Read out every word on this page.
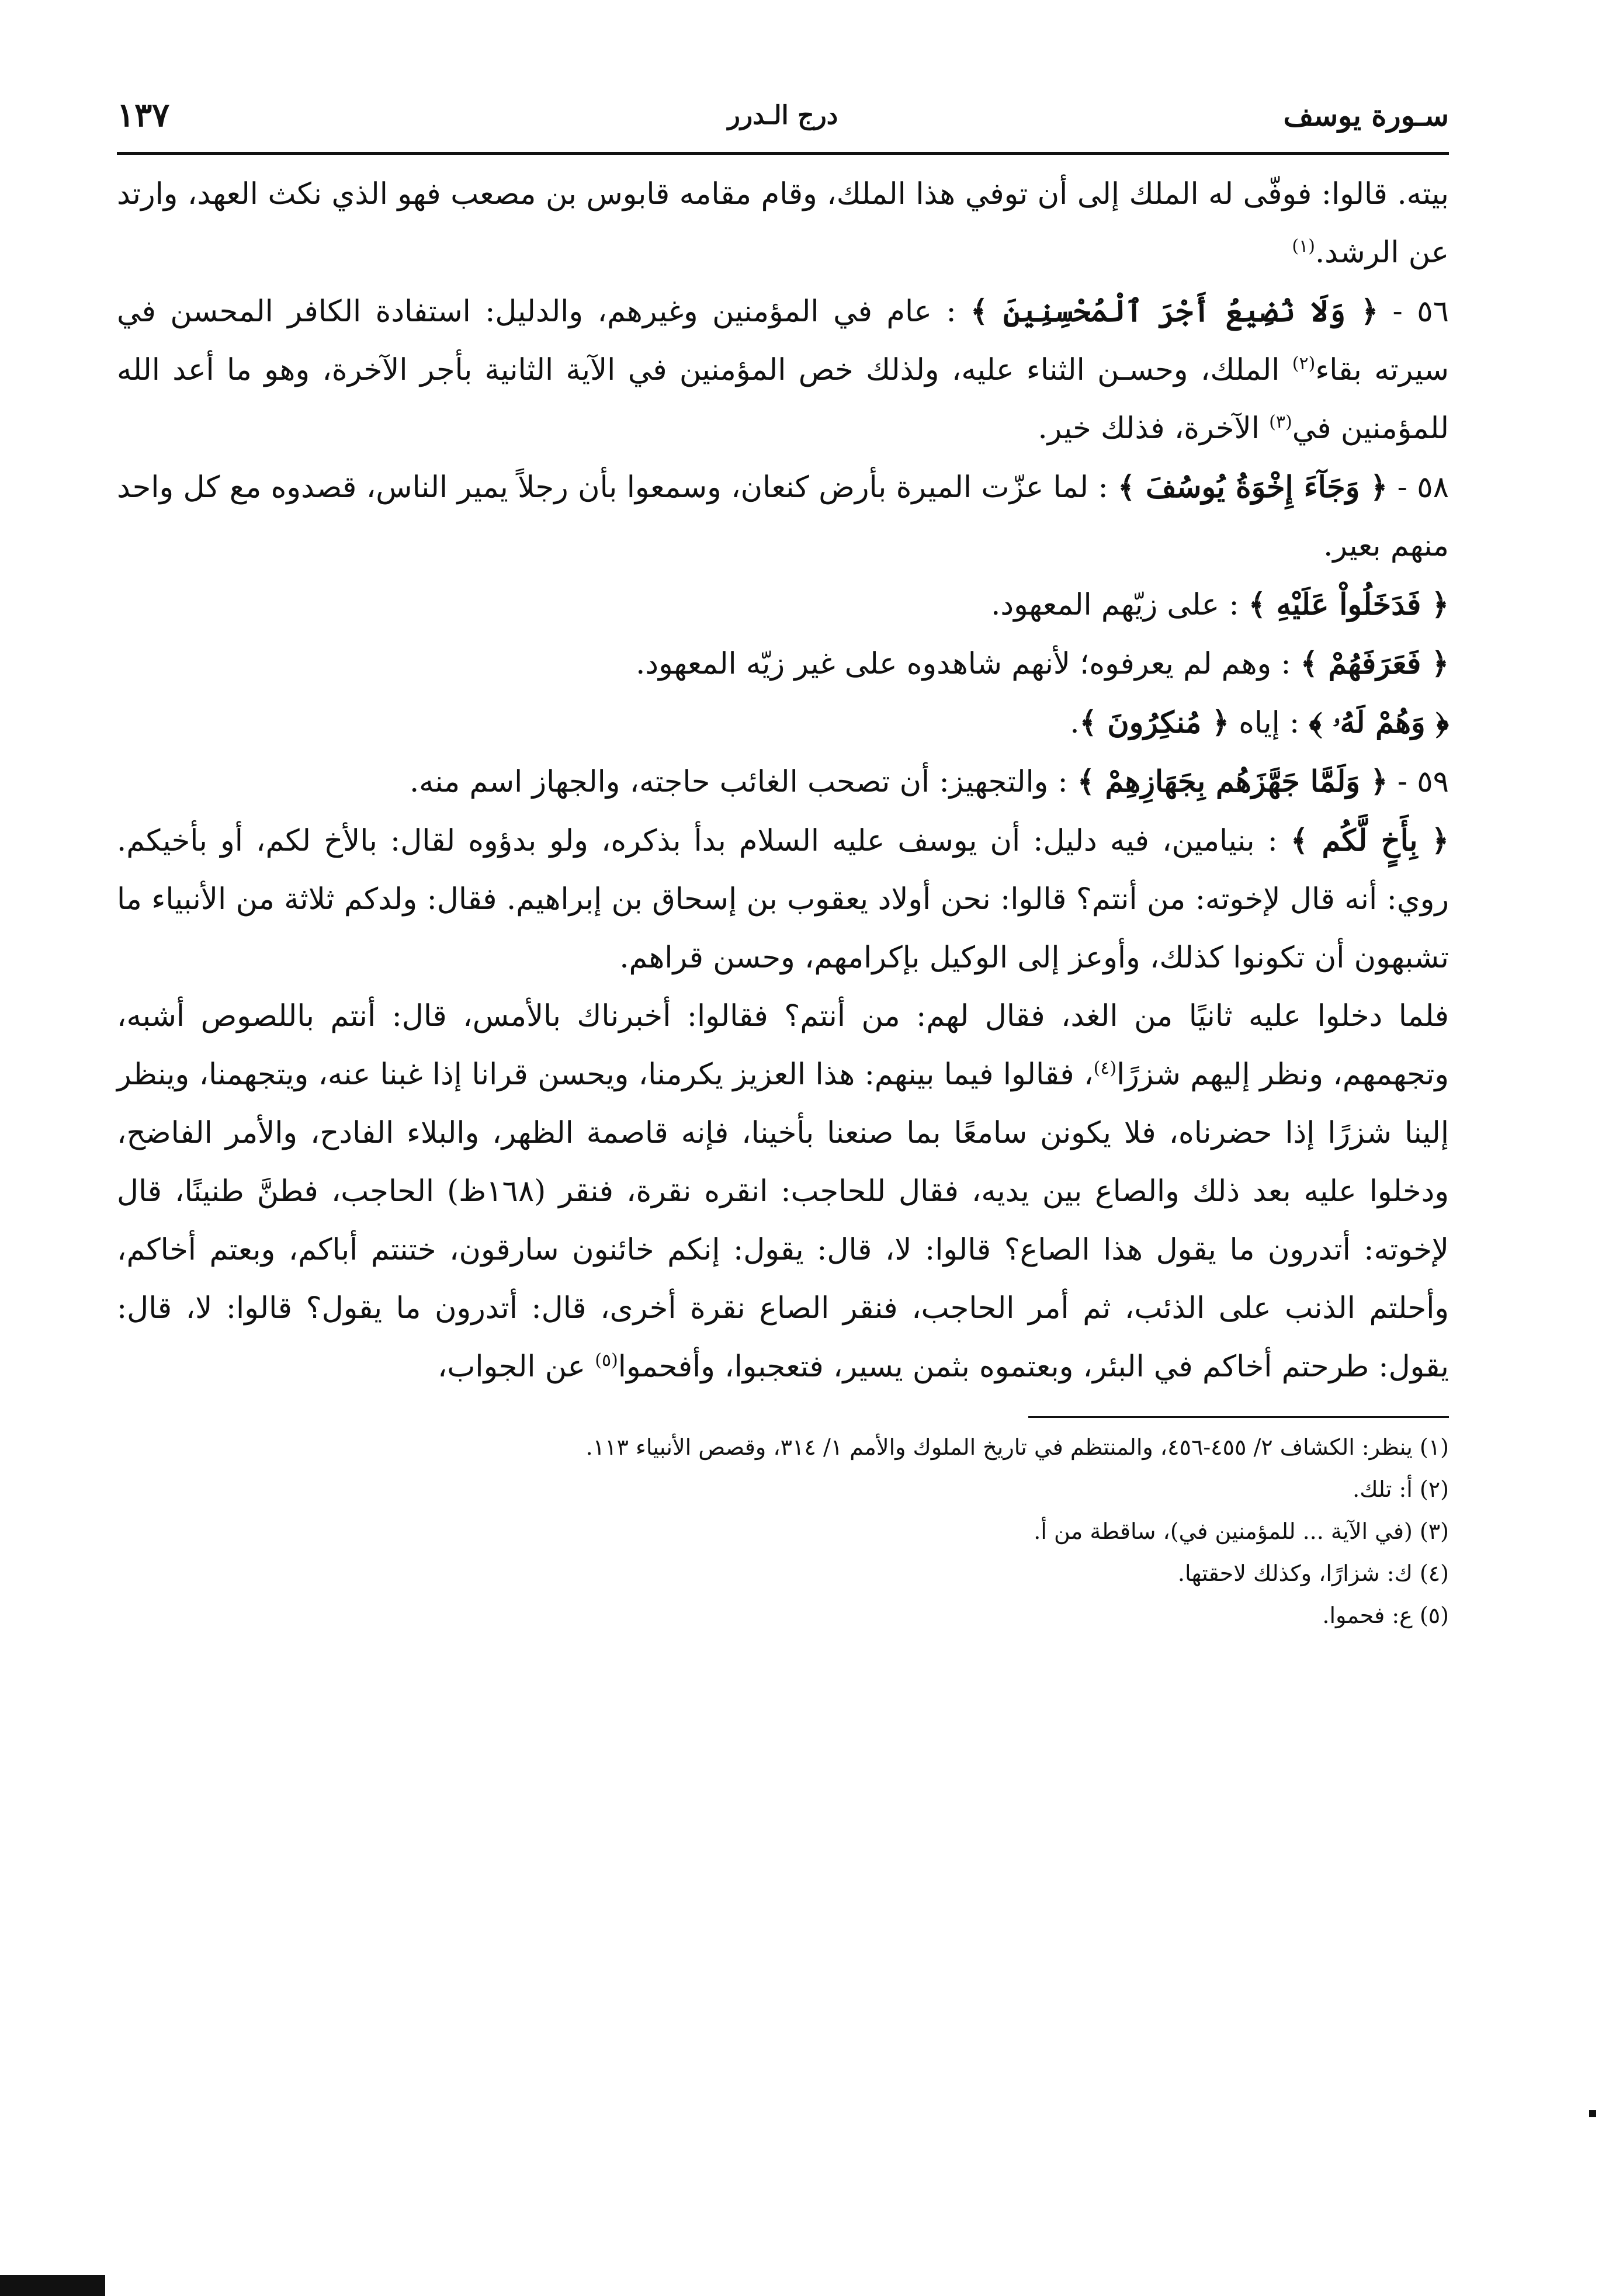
سـورة يوسف
درج الـدرر
١٣٧

بيته. قالوا: فوفّى له الملك إلى أن توفي هذا الملك، وقام مقامه قابوس بن مصعب فهو الذي نكث العهد، وارتد عن الرشد.$^{(١)}$

٥٦ - ﴿ وَلَا نُضِيعُ أَجْرَ ٱلْمُحْسِنِينَ ﴾ : عام في المؤمنين وغيرهم، والدليل: استفادة الكافر المحسن في سيرته بقاء$^{(٢)}$ الملك، وحسـن الثناء عليه، ولذلك خص المؤمنين في الآية الثانية بأجر الآخرة، وهو ما أعد الله للمؤمنين في$^{(٣)}$ الآخرة، فذلك خير.

٥٨ - ﴿ وَجَآءَ إِخْوَةُ يُوسُفَ ﴾ : لما عزّت الميرة بأرض كنعان، وسمعوا بأن رجلاً يمير الناس، قصدوه مع كل واحد منهم بعير.

﴿ فَدَخَلُواْ عَلَيْهِ ﴾ : على زيّهم المعهود.

﴿ فَعَرَفَهُمْ ﴾ : وهم لم يعرفوه؛ لأنهم شاهدوه على غير زيّه المعهود.

﴿ وَهُمْ لَهُۥ ﴾ : إياه ﴿ مُنكِرُونَ ﴾.

٥٩ - ﴿ وَلَمَّا جَهَّزَهُم بِجَهَازِهِمْ ﴾ : والتجهيز: أن تصحب الغائب حاجته، والجهاز اسم منه.

﴿ بِأَخٍ لَّكُم ﴾ : بنيامين، فيه دليل: أن يوسف عليه السلام بدأ بذكره، ولو بدؤوه لقال: بالأخ لكم، أو بأخيكم. روي: أنه قال لإخوته: من أنتم؟ قالوا: نحن أولاد يعقوب بن إسحاق بن إبراهيم. فقال: ولدكم ثلاثة من الأنبياء ما تشبهون أن تكونوا كذلك، وأوعز إلى الوكيل بإكرامهم، وحسن قراهم.

فلما دخلوا عليه ثانيًا من الغد، فقال لهم: من أنتم؟ فقالوا: أخبرناك بالأمس، قال: أنتم باللصوص أشبه، وتجهمهم، ونظر إليهم شزرًا$^{(٤)}$، فقالوا فيما بينهم: هذا العزيز يكرمنا، ويحسن قرانا إذا غبنا عنه، ويتجهمنا، وينظر إلينا شزرًا إذا حضرناه، فلا يكونن سامعًا بما صنعنا بأخينا، فإنه قاصمة الظهر، والبلاء الفادح، والأمر الفاضح، ودخلوا عليه بعد ذلك والصاع بين يديه، فقال للحاجب: انقره نقرة، فنقر (١٦٨ظ) الحاجب، فطنَّ طنينًا، قال لإخوته: أتدرون ما يقول هذا الصاع؟ قالوا: لا، قال: يقول: إنكم خائنون سارقون، ختنتم أباكم، وبعتم أخاكم، وأحلتم الذنب على الذئب، ثم أمر الحاجب، فنقر الصاع نقرة أخرى، قال: أتدرون ما يقول؟ قالوا: لا، قال: يقول: طرحتم أخاكم في البئر، وبعتموه بثمن يسير، فتعجبوا، وأفحموا$^{(٥)}$ عن الجواب،

(١) ينظر: الكشاف ٢/ ٤٥٥-٤٥٦، والمنتظم في تاريخ الملوك والأمم ١/ ٣١٤، وقصص الأنبياء ١١٣.

(٢) أ: تلك.

(٣) (في الآية ... للمؤمنين في)، ساقطة من أ.

(٤) ك: شزارًا، وكذلك لاحقتها.

(٥) ع: فحموا.
